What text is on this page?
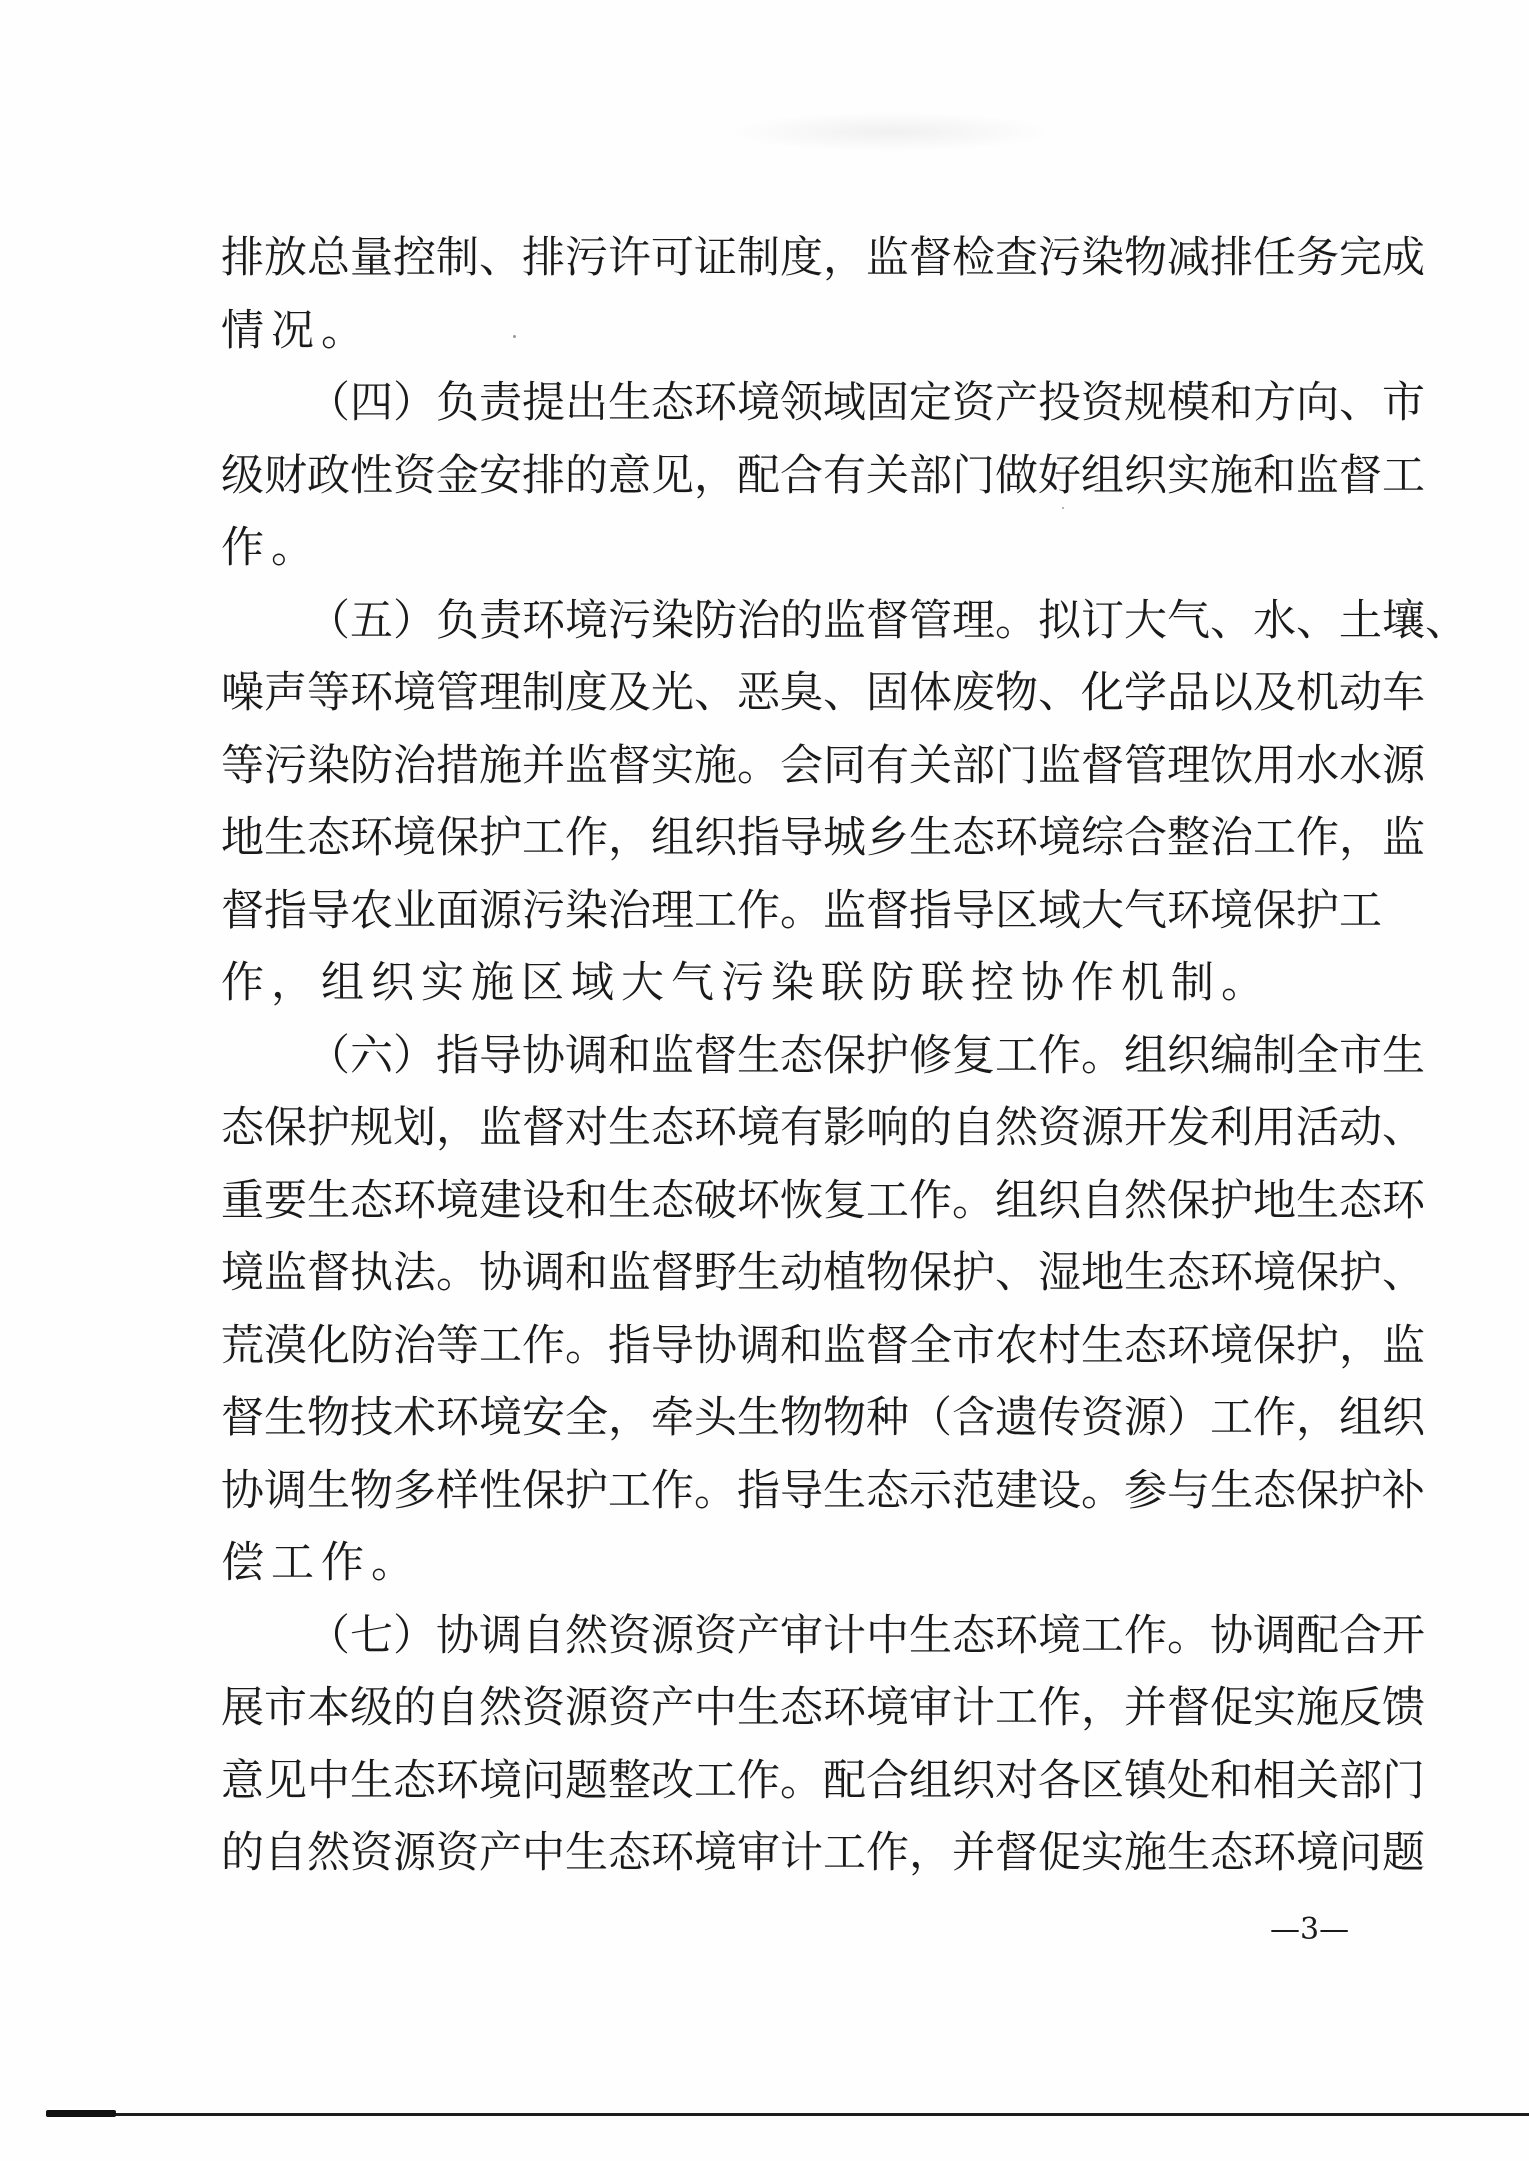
排 放 总 量 控 制 、 排 污 许 可 证 制 度 ， 监 督 检 查 污 染 物 减 排 任 务 完 成
情 况 。
（ 四 ） 负 责 提 出 生 态 环 境 领 域 固 定 资 产 投 资 规 模 和 方 向 、 市
级 财 政 性 资 金 安 排 的 意 见 ， 配 合 有 关 部 门 做 好 组 织 实 施 和 监 督 工
作 。
（ 五 ） 负 责 环 境 污 染 防 治 的 监 督 管 理 。 拟 订 大 气 、 水 、 土 壤 、
噪 声 等 环 境 管 理 制 度 及 光 、 恶 臭 、 固 体 废 物 、 化 学 品 以 及 机 动 车
等 污 染 防 治 措 施 并 监 督 实 施 。 会 同 有 关 部 门 监 督 管 理 饮 用 水 水 源
地 生 态 环 境 保 护 工 作 ， 组 织 指 导 城 乡 生 态 环 境 综 合 整 治 工 作 ， 监
督 指 导 农 业 面 源 污 染 治 理 工 作 。 监 督 指 导 区 域 大 气 环 境 保 护 工
作 ， 组 织 实 施 区 域 大 气 污 染 联 防 联 控 协 作 机 制 。
（ 六 ） 指 导 协 调 和 监 督 生 态 保 护 修 复 工 作 。 组 织 编 制 全 市 生
态 保 护 规 划 ， 监 督 对 生 态 环 境 有 影 响 的 自 然 资 源 开 发 利 用 活 动 、
重 要 生 态 环 境 建 设 和 生 态 破 坏 恢 复 工 作 。 组 织 自 然 保 护 地 生 态 环
境 监 督 执 法 。 协 调 和 监 督 野 生 动 植 物 保 护 、 湿 地 生 态 环 境 保 护 、
荒 漠 化 防 治 等 工 作 。 指 导 协 调 和 监 督 全 市 农 村 生 态 环 境 保 护 ， 监
督 生 物 技 术 环 境 安 全 ， 牵 头 生 物 物 种 （ 含 遗 传 资 源 ） 工 作 ， 组 织
协 调 生 物 多 样 性 保 护 工 作 。 指 导 生 态 示 范 建 设 。 参 与 生 态 保 护 补
偿 工 作 。
（ 七 ） 协 调 自 然 资 源 资 产 审 计 中 生 态 环 境 工 作 。 协 调 配 合 开
展 市 本 级 的 自 然 资 源 资 产 中 生 态 环 境 审 计 工 作 ， 并 督 促 实 施 反 馈
意 见 中 生 态 环 境 问 题 整 改 工 作 。 配 合 组 织 对 各 区 镇 处 和 相 关 部 门
的 自 然 资 源 资 产 中 生 态 环 境 审 计 工 作 ， 并 督 促 实 施 生 态 环 境 问 题
—3—
